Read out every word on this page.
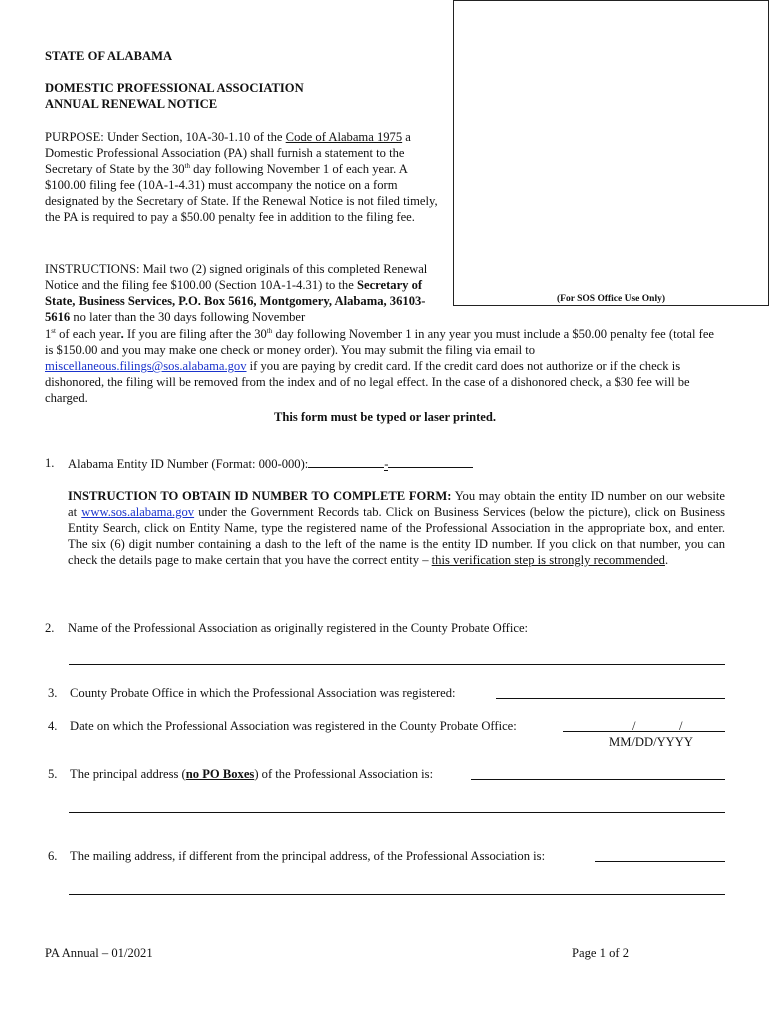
(For SOS Office Use Only)
STATE OF ALABAMA
DOMESTIC PROFESSIONAL ASSOCIATION
ANNUAL RENEWAL NOTICE
PURPOSE: Under Section, 10A-30-1.10 of the Code of Alabama 1975 a Domestic Professional Association (PA) shall furnish a statement to the Secretary of State by the 30th day following November 1 of each year. A $100.00 filing fee (10A-1-4.31) must accompany the notice on a form designated by the Secretary of State. If the Renewal Notice is not filed timely, the PA is required to pay a $50.00 penalty fee in addition to the filing fee.
INSTRUCTIONS: Mail two (2) signed originals of this completed Renewal Notice and the filing fee $100.00 (Section 10A-1-4.31) to the Secretary of State, Business Services, P.O. Box 5616, Montgomery, Alabama, 36103-5616 no later than the 30 days following November
1st of each year. If you are filing after the 30th day following November 1 in any year you must include a $50.00 penalty fee (total fee is $150.00 and you may make one check or money order). You may submit the filing via email to miscellaneous.filings@sos.alabama.gov if you are paying by credit card. If the credit card does not authorize or if the check is dishonored, the filing will be removed from the index and of no legal effect. In the case of a dishonored check, a $30 fee will be charged.
This form must be typed or laser printed.
1. Alabama Entity ID Number (Format: 000-000):	-
INSTRUCTION TO OBTAIN ID NUMBER TO COMPLETE FORM: You may obtain the entity ID number on our website at www.sos.alabama.gov under the Government Records tab. Click on Business Services (below the picture), click on Business Entity Search, click on Entity Name, type the registered name of the Professional Association in the appropriate box, and enter. The six (6) digit number containing a dash to the left of the name is the entity ID number. If you click on that number, you can check the details page to make certain that you have the correct entity – this verification step is strongly recommended.
2. Name of the Professional Association as originally registered in the County Probate Office:
3. County Probate Office in which the Professional Association was registered:
4. Date on which the Professional Association was registered in the County Probate Office:	/	/
MM/DD/YYYY
5. The principal address (no PO Boxes) of the Professional Association is:
6. The mailing address, if different from the principal address, of the Professional Association is:
PA Annual – 01/2021	Page 1 of 2
